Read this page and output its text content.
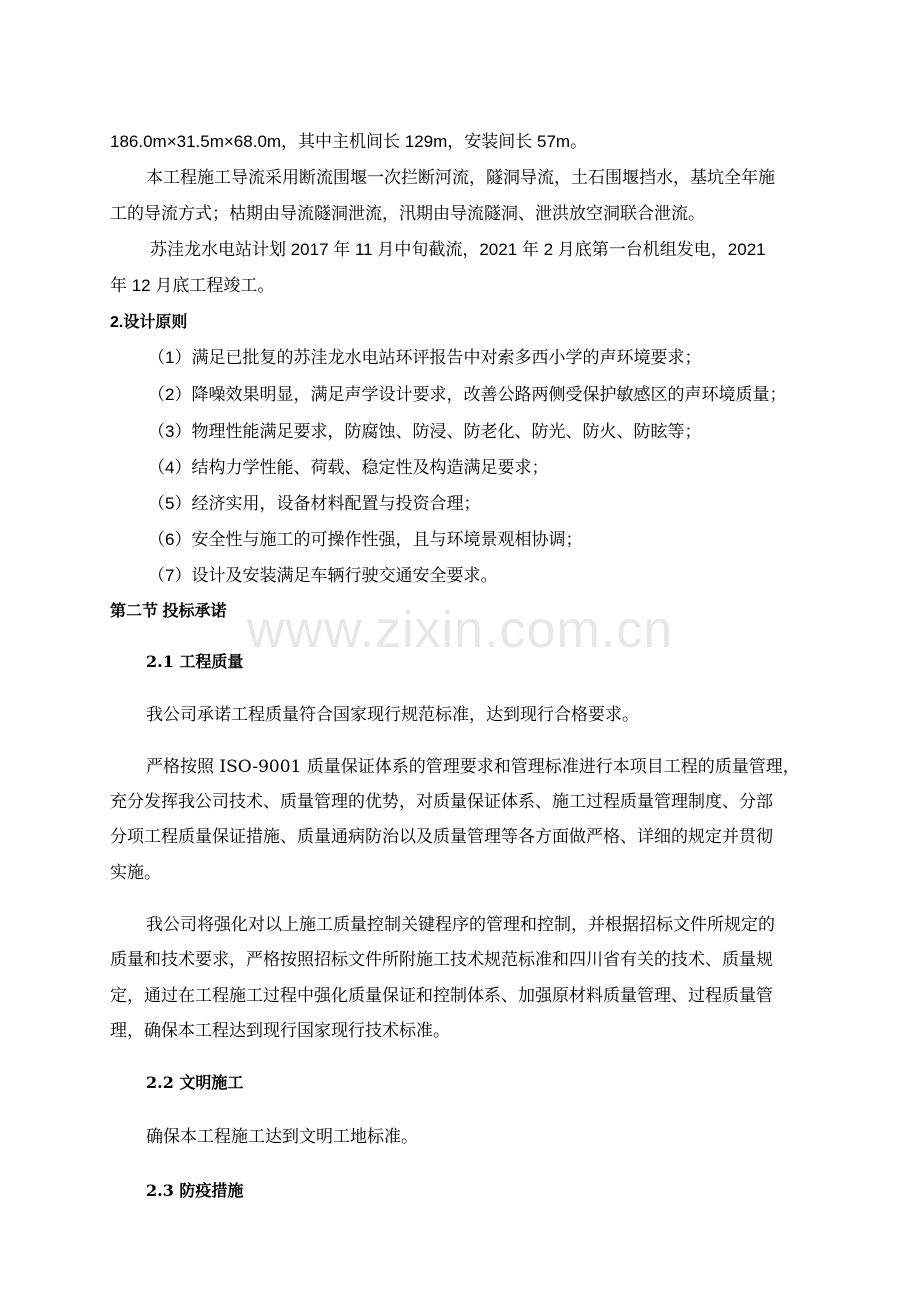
www.zixin.com.cn
186.0m×31.5m×68.0m，其中主机间长 129m，安装间长 57m。
本工程施工导流采用断流围堰一次拦断河流，隧洞导流，土石围堰挡水，基坑全年施
工的导流方式；枯期由导流隧洞泄流，汛期由导流隧洞、泄洪放空洞联合泄流。
苏洼龙水电站计划 2017 年 11 月中旬截流，2021 年 2 月底第一台机组发电，2021
年 12 月底工程竣工。
2.设计原则
（1）满足已批复的苏洼龙水电站环评报告中对索多西小学的声环境要求；
（2）降噪效果明显，满足声学设计要求，改善公路两侧受保护敏感区的声环境质量；
（3）物理性能满足要求，防腐蚀、防浸、防老化、防光、防火、防眩等；
（4）结构力学性能、荷载、稳定性及构造满足要求；
（5）经济实用，设备材料配置与投资合理；
（6）安全性与施工的可操作性强，且与环境景观相协调；
（7）设计及安装满足车辆行驶交通安全要求。
第二节 投标承诺
2.1 工程质量
我公司承诺工程质量符合国家现行规范标准，达到现行合格要求。
严格按照 ISO-9001 质量保证体系的管理要求和管理标准进行本项目工程的质量管理，
充分发挥我公司技术、质量管理的优势，对质量保证体系、施工过程质量管理制度、分部
分项工程质量保证措施、质量通病防治以及质量管理等各方面做严格、详细的规定并贯彻
实施。
我公司将强化对以上施工质量控制关键程序的管理和控制，并根据招标文件所规定的
质量和技术要求，严格按照招标文件所附施工技术规范标准和四川省有关的技术、质量规
定，通过在工程施工过程中强化质量保证和控制体系、加强原材料质量管理、过程质量管
理，确保本工程达到现行国家现行技术标准。
2.2 文明施工
确保本工程施工达到文明工地标准。
2.3 防疫措施
